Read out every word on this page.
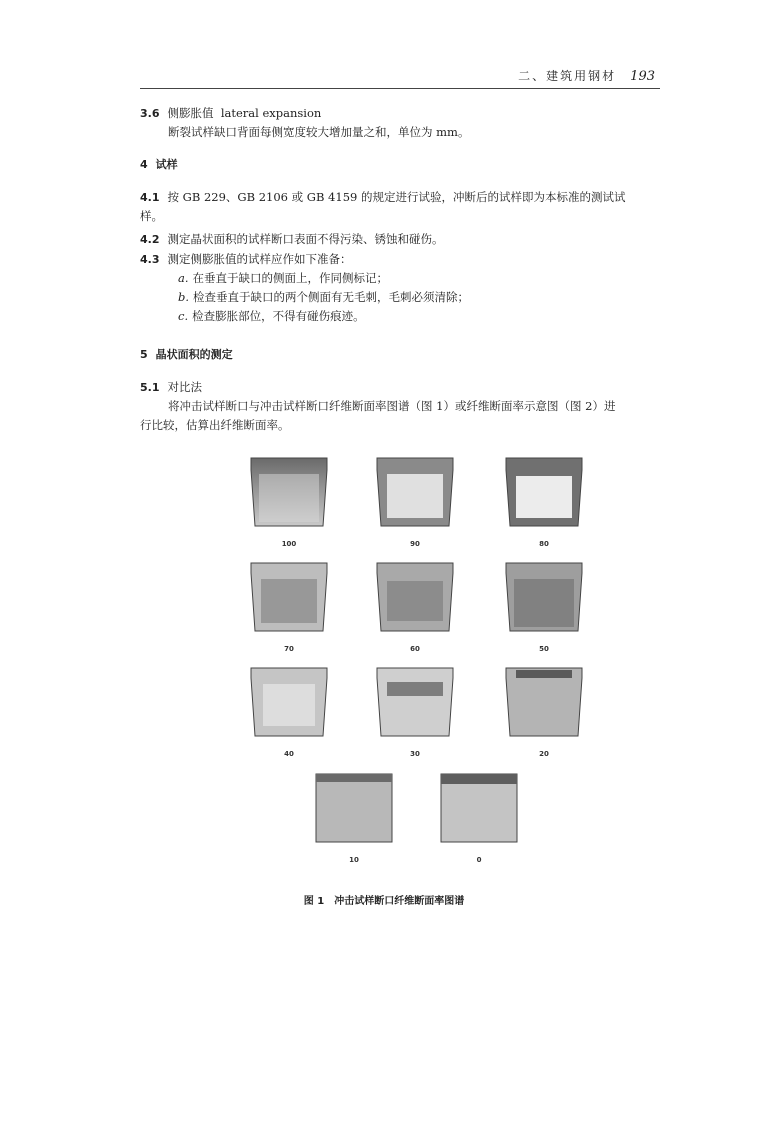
二、建筑用钢材 193
3.6 侧膨胀值 lateral expansion
断裂试样缺口背面每侧宽度较大增加量之和，单位为 mm。
4 试样
4.1 按 GB 229、GB 2106 或 GB 4159 的规定进行试验，冲断后的试样即为本标准的测试试
样。
4.2 测定晶状面积的试样断口表面不得污染、锈蚀和碰伤。
4.3 测定侧膨胀值的试样应作如下准备：
a. 在垂直于缺口的侧面上，作同侧标记；
b. 检查垂直于缺口的两个侧面有无毛刺，毛刺必须清除；
c. 检查膨胀部位，不得有碰伤痕迹。
5 晶状面积的测定
5.1 对比法
将冲击试样断口与冲击试样断口纤维断面率图谱（图 1）或纤维断面率示意图（图 2）进
行比较，估算出纤维断面率。
100	90	80
70	60	50
40	30	20
10	0
图 1　冲击试样断口纤维断面率图谱
